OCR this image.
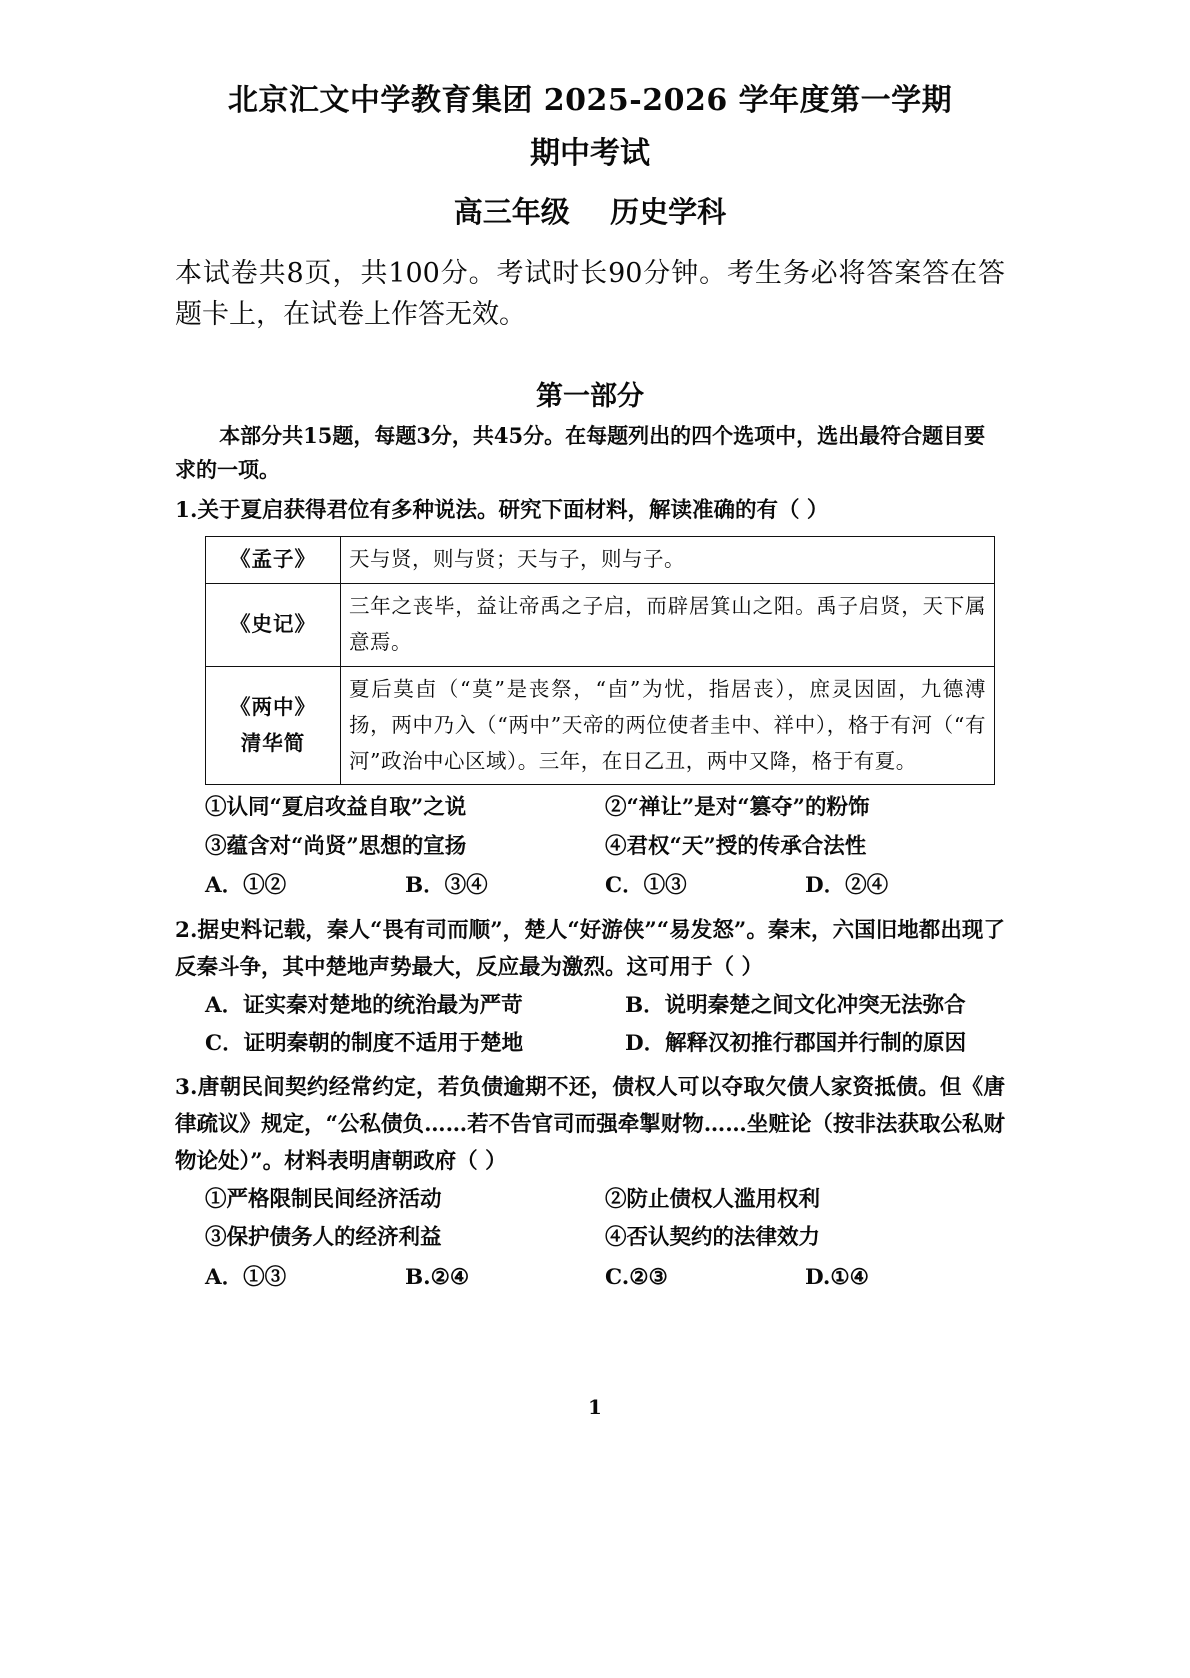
北京汇文中学教育集团 2025-2026 学年度第一学期
期中考试
高三年级    历史学科
本试卷共8页，共100分。考试时长90分钟。考生务必将答案答在答题卡上，在试卷上作答无效。
第一部分
本部分共15题，每题3分，共45分。在每题列出的四个选项中，选出最符合题目要求的一项。
1.关于夏启获得君位有多种说法。研究下面材料，解读准确的有（ ）
《孟子》	天与贤，则与贤；天与子，则与子。
《史记》	三年之丧毕，益让帝禹之子启，而辟居箕山之阳。禹子启贤，天下属意焉。

《两中》
清华简	夏后莫卣（“莫”是丧祭，“卣”为忧，指居丧），庶灵因固，九德溥扬，两中乃入（“两中”天帝的两位使者圭中、祥中），格于有河（“有河”政治中心区域）。三年，在日乙丑，两中又降，格于有夏。
①认同“夏启攻益自取”之说	②“禅让”是对“篡夺”的粉饰
③蕴含对“尚贤”思想的宣扬	④君权“天”授的传承合法性
A．①②	B．③④	C．①③	D．②④
2.据史料记载，秦人“畏有司而顺”，楚人“好游侠”“易发怒”。秦末，六国旧地都出现了反秦斗争，其中楚地声势最大，反应最为激烈。这可用于（ ）
A．证实秦对楚地的统治最为严苛	B．说明秦楚之间文化冲突无法弥合
C．证明秦朝的制度不适用于楚地	D．解释汉初推行郡国并行制的原因
3.唐朝民间契约经常约定，若负债逾期不还，债权人可以夺取欠债人家资抵债。但《唐律疏议》规定，“公私债负……若不告官司而强牵掣财物……坐赃论（按非法获取公私财物论处）”。材料表明唐朝政府（ ）
①严格限制民间经济活动	②防止债权人滥用权利
③保护债务人的经济利益	④否认契约的法律效力
A．①③	B.②④	C.②③	D.①④
1
